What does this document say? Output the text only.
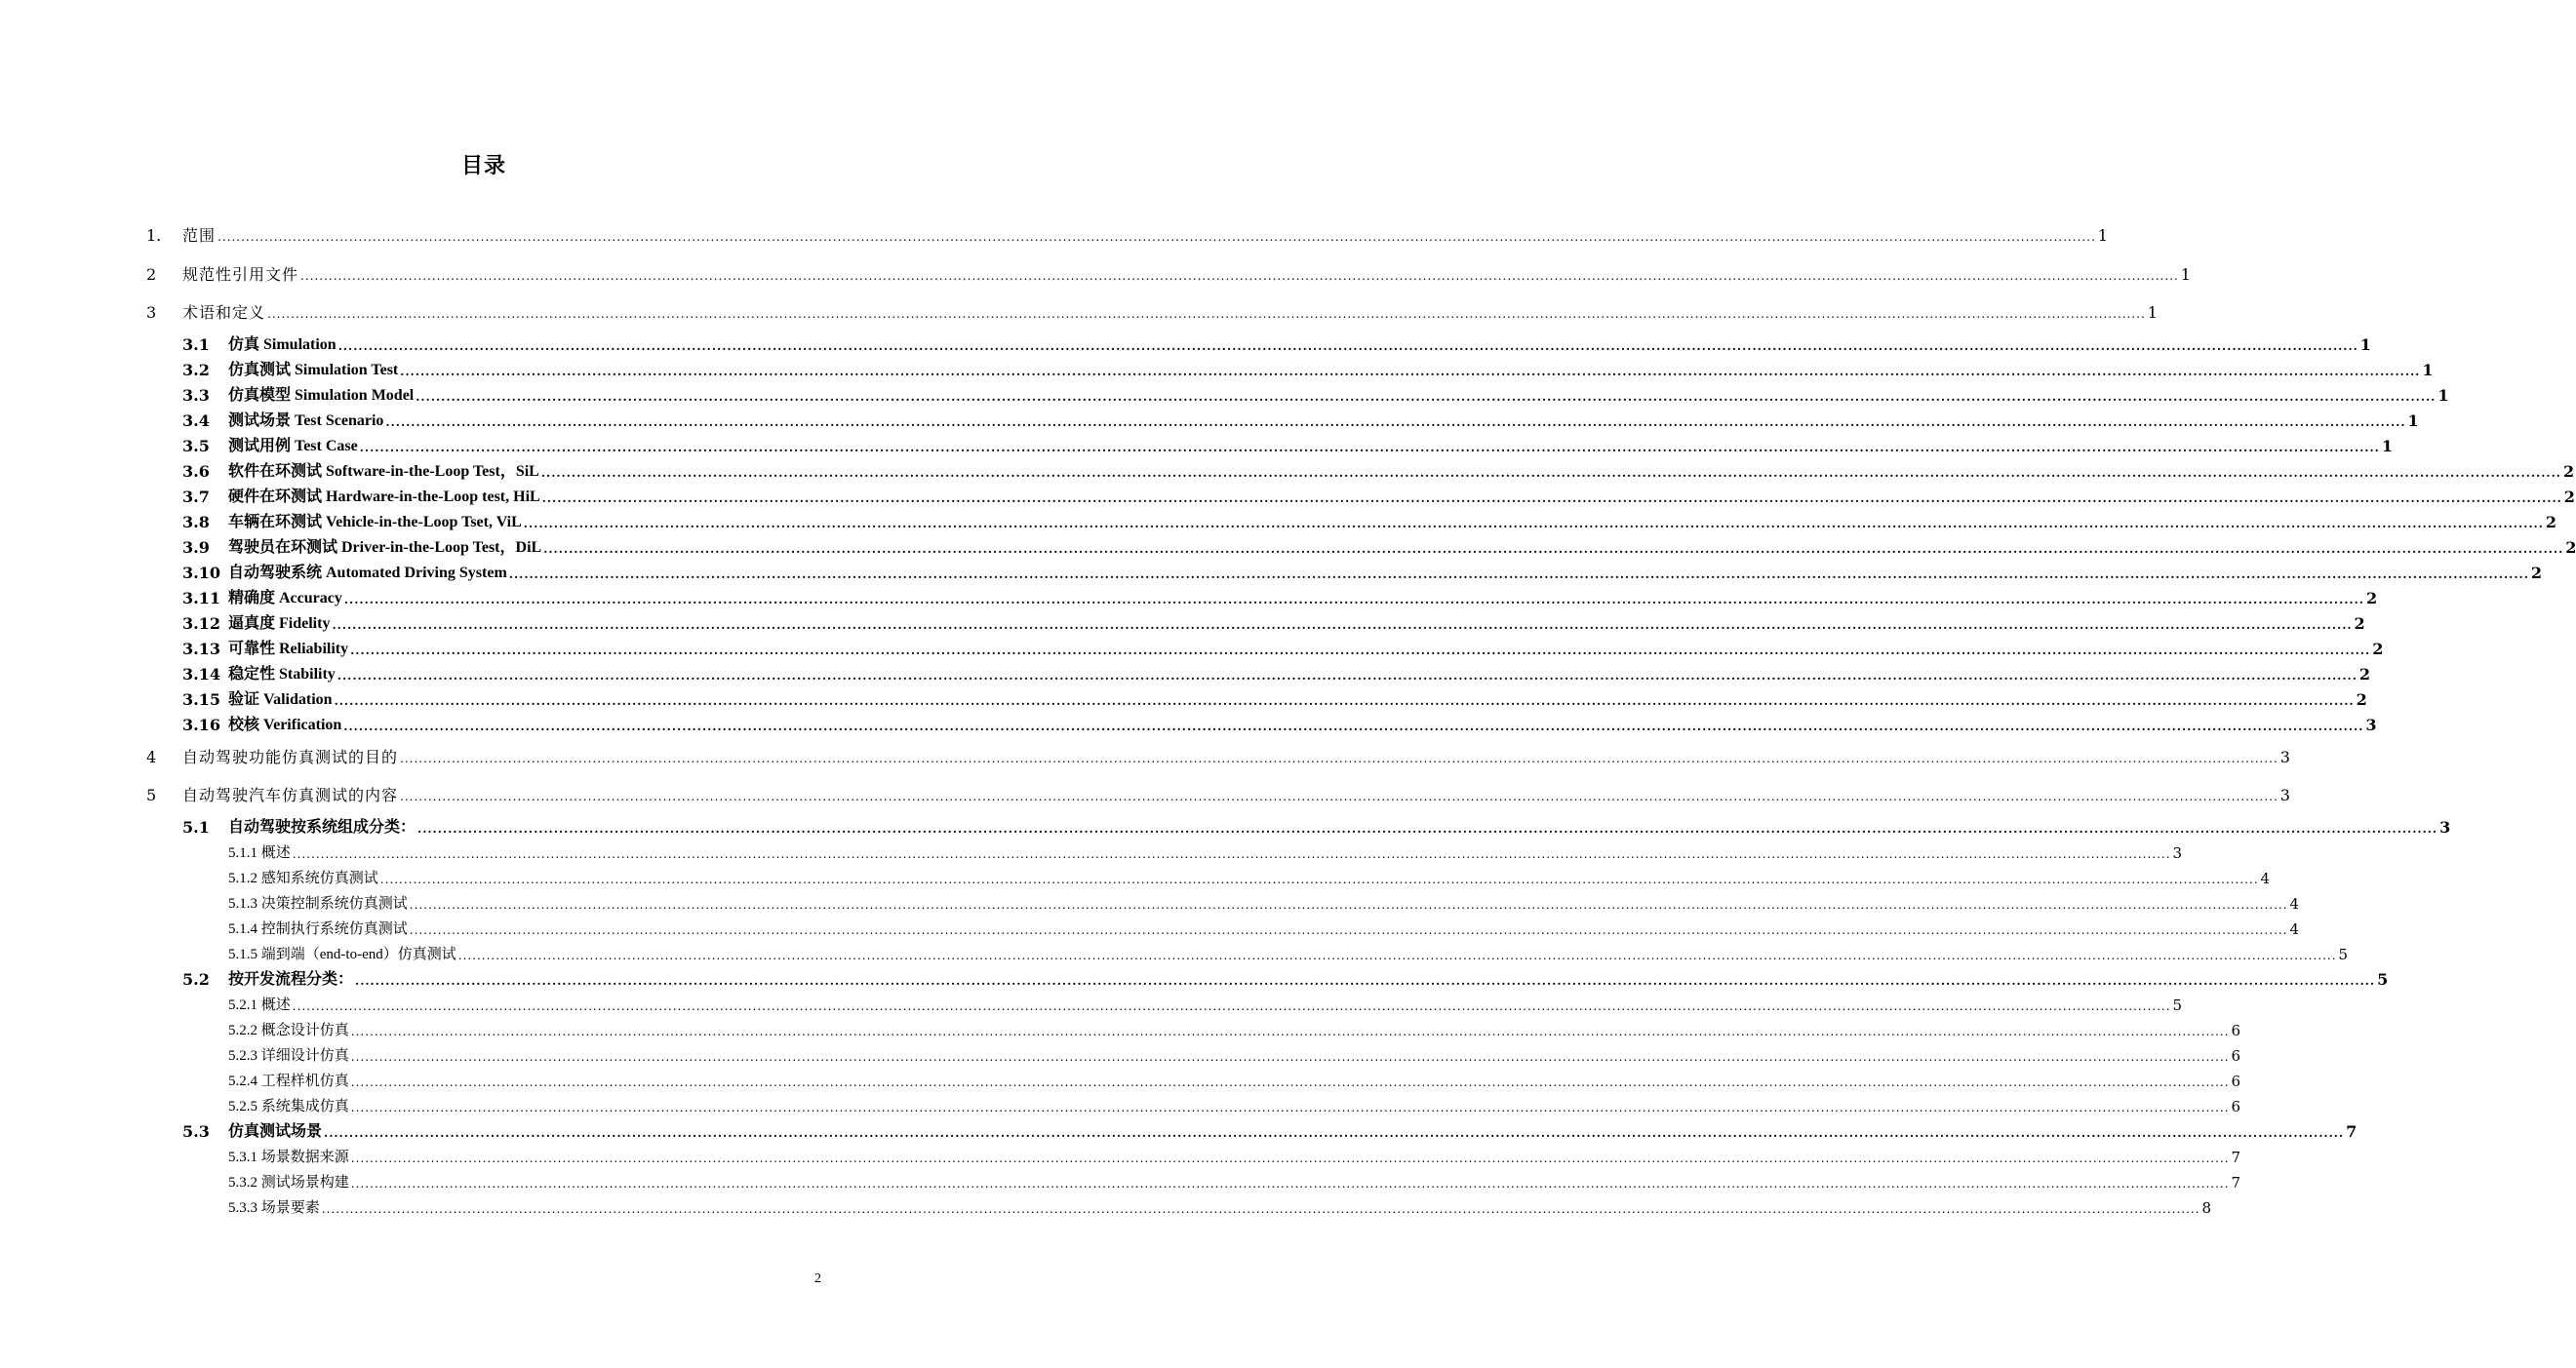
目录
1. 范围 ................................................................................................................................................................................................................................................................................................................................................................................................................ 1
2 规范性引用文件 ................................................................................................................................................................................................................................................................................................................................................................................................................ 1
3 术语和定义 ................................................................................................................................................................................................................................................................................................................................................................................................................ 1
3.1 仿真 Simulation ................................................................................................................................................................................................................................................................................................................................................................................................................ 1
3.2 仿真测试 Simulation Test ................................................................................................................................................................................................................................................................................................................................................................................................................ 1
3.3 仿真模型 Simulation Model ................................................................................................................................................................................................................................................................................................................................................................................................................ 1
3.4 测试场景 Test Scenario ................................................................................................................................................................................................................................................................................................................................................................................................................ 1
3.5 测试用例 Test Case ................................................................................................................................................................................................................................................................................................................................................................................................................ 1
3.6 软件在环测试 Software-in-the-Loop Test，SiL ................................................................................................................................................................................................................................................................................................................................................................................................................ 2
3.7 硬件在环测试 Hardware-in-the-Loop test, HiL ................................................................................................................................................................................................................................................................................................................................................................................................................ 2
3.8 车辆在环测试 Vehicle-in-the-Loop Tset, ViL ................................................................................................................................................................................................................................................................................................................................................................................................................ 2
3.9 驾驶员在环测试 Driver-in-the-Loop Test，DiL ................................................................................................................................................................................................................................................................................................................................................................................................................ 2
3.10 自动驾驶系统 Automated Driving System ................................................................................................................................................................................................................................................................................................................................................................................................................ 2
3.11 精确度 Accuracy ................................................................................................................................................................................................................................................................................................................................................................................................................ 2
3.12 逼真度 Fidelity ................................................................................................................................................................................................................................................................................................................................................................................................................ 2
3.13 可靠性 Reliability ................................................................................................................................................................................................................................................................................................................................................................................................................ 2
3.14 稳定性 Stability ................................................................................................................................................................................................................................................................................................................................................................................................................ 2
3.15 验证 Validation ................................................................................................................................................................................................................................................................................................................................................................................................................ 2
3.16 校核 Verification ................................................................................................................................................................................................................................................................................................................................................................................................................ 3
4 自动驾驶功能仿真测试的目的 ................................................................................................................................................................................................................................................................................................................................................................................................................ 3
5 自动驾驶汽车仿真测试的内容 ................................................................................................................................................................................................................................................................................................................................................................................................................ 3
5.1 自动驾驶按系统组成分类： ................................................................................................................................................................................................................................................................................................................................................................................................................ 3
5.1.1 概述 ................................................................................................................................................................................................................................................................................................................................................................................................................ 3
5.1.2 感知系统仿真测试 ................................................................................................................................................................................................................................................................................................................................................................................................................ 4
5.1.3 决策控制系统仿真测试 ................................................................................................................................................................................................................................................................................................................................................................................................................ 4
5.1.4 控制执行系统仿真测试 ................................................................................................................................................................................................................................................................................................................................................................................................................ 4
5.1.5 端到端（end-to-end）仿真测试 ................................................................................................................................................................................................................................................................................................................................................................................................................ 5
5.2 按开发流程分类： ................................................................................................................................................................................................................................................................................................................................................................................................................ 5
5.2.1 概述 ................................................................................................................................................................................................................................................................................................................................................................................................................ 5
5.2.2 概念设计仿真 ................................................................................................................................................................................................................................................................................................................................................................................................................ 6
5.2.3 详细设计仿真 ................................................................................................................................................................................................................................................................................................................................................................................................................ 6
5.2.4 工程样机仿真 ................................................................................................................................................................................................................................................................................................................................................................................................................ 6
5.2.5 系统集成仿真 ................................................................................................................................................................................................................................................................................................................................................................................................................ 6
5.3 仿真测试场景 ................................................................................................................................................................................................................................................................................................................................................................................................................ 7
5.3.1 场景数据来源 ................................................................................................................................................................................................................................................................................................................................................................................................................ 7
5.3.2 测试场景构建 ................................................................................................................................................................................................................................................................................................................................................................................................................ 7
5.3.3 场景要素 ................................................................................................................................................................................................................................................................................................................................................................................................................ 8
2
